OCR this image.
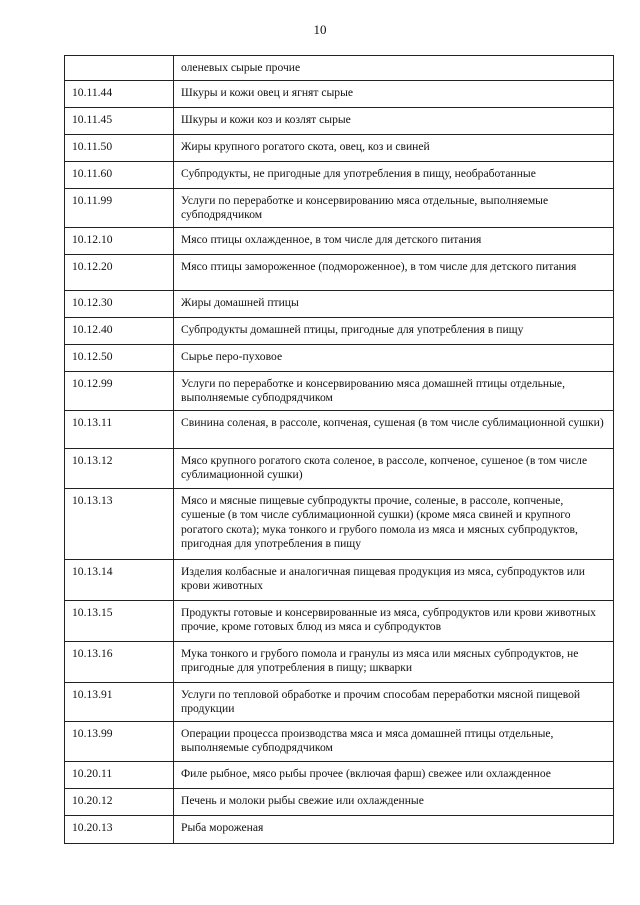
10
	оленевых сырые прочие
10.11.44	Шкуры и кожи овец и ягнят сырые
10.11.45	Шкуры и кожи коз и козлят сырые
10.11.50	Жиры крупного рогатого скота, овец, коз и свиней
10.11.60	Субпродукты, не пригодные для употребления в пищу, необработанные
10.11.99	Услуги по переработке и консервированию мяса отдельные, выполняемые субподрядчиком
10.12.10	Мясо птицы охлажденное, в том числе для детского питания
10.12.20	Мясо птицы замороженное (подмороженное), в том числе для детского питания
10.12.30	Жиры домашней птицы
10.12.40	Субпродукты домашней птицы, пригодные для употребления в пищу
10.12.50	Сырье перо-пуховое
10.12.99	Услуги по переработке и консервированию мяса домашней птицы отдельные, выполняемые субподрядчиком
10.13.11	Свинина соленая, в рассоле, копченая, сушеная (в том числе сублимационной сушки)
10.13.12	Мясо крупного рогатого скота соленое, в рассоле, копченое, сушеное (в том числе сублимационной сушки)
10.13.13	Мясо и мясные пищевые субпродукты прочие, соленые, в рассоле, копченые, сушеные (в том числе сублимационной сушки) (кроме мяса свиней и крупного рогатого скота); мука тонкого и грубого помола из мяса и мясных субпродуктов, пригодная для употребления в пищу
10.13.14	Изделия колбасные и аналогичная пищевая продукция из мяса, субпродуктов или крови животных
10.13.15	Продукты готовые и консервированные из мяса, субпродуктов или крови животных прочие, кроме готовых блюд из мяса и субпродуктов
10.13.16	Мука тонкого и грубого помола и гранулы из мяса или мясных субпродуктов, не пригодные для употребления в пищу; шкварки
10.13.91	Услуги по тепловой обработке и прочим способам переработки мясной пищевой продукции
10.13.99	Операции процесса производства мяса и мяса домашней птицы отдельные, выполняемые субподрядчиком
10.20.11	Филе рыбное, мясо рыбы прочее (включая фарш) свежее или охлажденное
10.20.12	Печень и молоки рыбы свежие или охлажденные
10.20.13	Рыба мороженая
